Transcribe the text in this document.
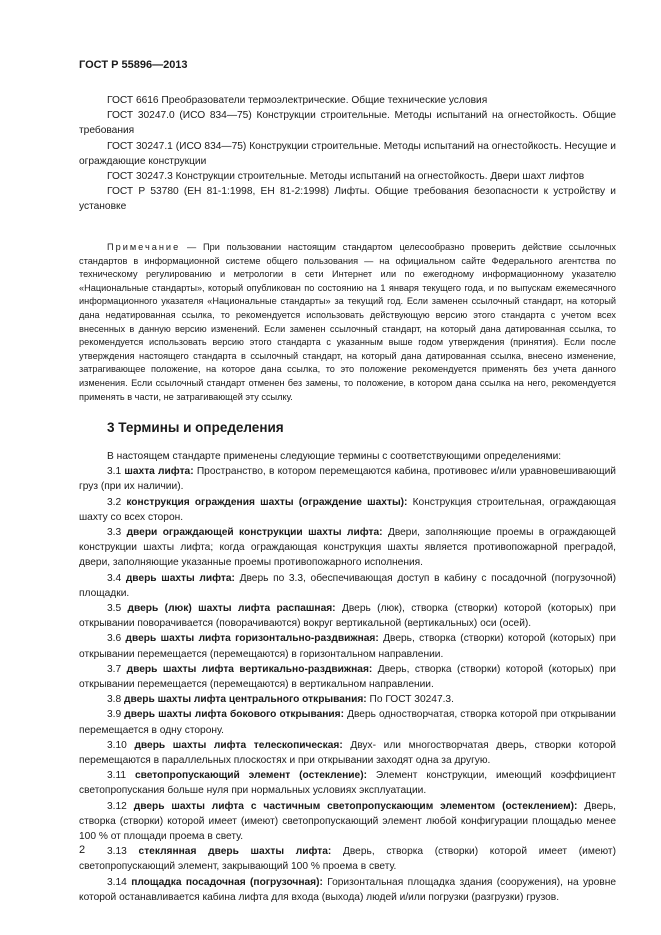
ГОСТ Р 55896—2013

ГОСТ 6616 Преобразователи термоэлектрические. Общие технические условия

ГОСТ 30247.0 (ИСО 834—75) Конструкции строительные. Методы испытаний на огнестойкость. Общие требования

ГОСТ 30247.1 (ИСО 834—75) Конструкции строительные. Методы испытаний на огнестойкость. Несущие и ограждающие конструкции

ГОСТ 30247.3 Конструкции строительные. Методы испытаний на огнестойкость. Двери шахт лифтов

ГОСТ Р 53780 (ЕН 81-1:1998, ЕН 81-2:1998) Лифты. Общие требования безопасности к устройству и установке

Примечание — При пользовании настоящим стандартом целесообразно проверить действие ссылочных стандартов в информационной системе общего пользования — на официальном сайте Федерального агентства по техническому регулированию и метрологии в сети Интернет или по ежегодному информационному указателю «Национальные стандарты», который опубликован по состоянию на 1 января текущего года, и по выпускам ежемесячного информационного указателя «Национальные стандарты» за текущий год. Если заменен ссылочный стандарт, на который дана недатированная ссылка, то рекомендуется использовать действующую версию этого стандарта с учетом всех внесенных в данную версию изменений. Если заменен ссылочный стандарт, на который дана датированная ссылка, то рекомендуется использовать версию этого стандарта с указанным выше годом утверждения (принятия). Если после утверждения настоящего стандарта в ссылочный стандарт, на который дана датированная ссылка, внесено изменение, затрагивающее положение, на которое дана ссылка, то это положение рекомендуется применять без учета данного изменения. Если ссылочный стандарт отменен без замены, то положение, в котором дана ссылка на него, рекомендуется применять в части, не затрагивающей эту ссылку.

3 Термины и определения

В настоящем стандарте применены следующие термины с соответствующими определениями:

3.1 шахта лифта: Пространство, в котором перемещаются кабина, противовес и/или уравновешивающий груз (при их наличии).

3.2 конструкция ограждения шахты (ограждение шахты): Конструкция строительная, ограждающая шахту со всех сторон.

3.3 двери ограждающей конструкции шахты лифта: Двери, заполняющие проемы в ограждающей конструкции шахты лифта; когда ограждающая конструкция шахты является противопожарной преградой, двери, заполняющие указанные проемы противопожарного исполнения.

3.4 дверь шахты лифта: Дверь по 3.3, обеспечивающая доступ в кабину с посадочной (погрузочной) площадки.

3.5 дверь (люк) шахты лифта распашная: Дверь (люк), створка (створки) которой (которых) при открывании поворачивается (поворачиваются) вокруг вертикальной (вертикальных) оси (осей).

3.6 дверь шахты лифта горизонтально-раздвижная: Дверь, створка (створки) которой (которых) при открывании перемещается (перемещаются) в горизонтальном направлении.

3.7 дверь шахты лифта вертикально-раздвижная: Дверь, створка (створки) которой (которых) при открывании перемещается (перемещаются) в вертикальном направлении.

3.8 дверь шахты лифта центрального открывания: По ГОСТ 30247.3.

3.9 дверь шахты лифта бокового открывания: Дверь одностворчатая, створка которой при открывании перемещается в одну сторону.

3.10 дверь шахты лифта телескопическая: Двух- или многостворчатая дверь, створки которой перемещаются в параллельных плоскостях и при открывании заходят одна за другую.

3.11 светопропускающий элемент (остекление): Элемент конструкции, имеющий коэффициент светопропускания больше нуля при нормальных условиях эксплуатации.

3.12 дверь шахты лифта с частичным светопропускающим элементом (остеклением): Дверь, створка (створки) которой имеет (имеют) светопропускающий элемент любой конфигурации площадью менее 100 % от площади проема в свету.

3.13 стеклянная дверь шахты лифта: Дверь, створка (створки) которой имеет (имеют) светопропускающий элемент, закрывающий 100 % проема в свету.

3.14 площадка посадочная (погрузочная): Горизонтальная площадка здания (сооружения), на уровне которой останавливается кабина лифта для входа (выхода) людей и/или погрузки (разгрузки) грузов.

2
